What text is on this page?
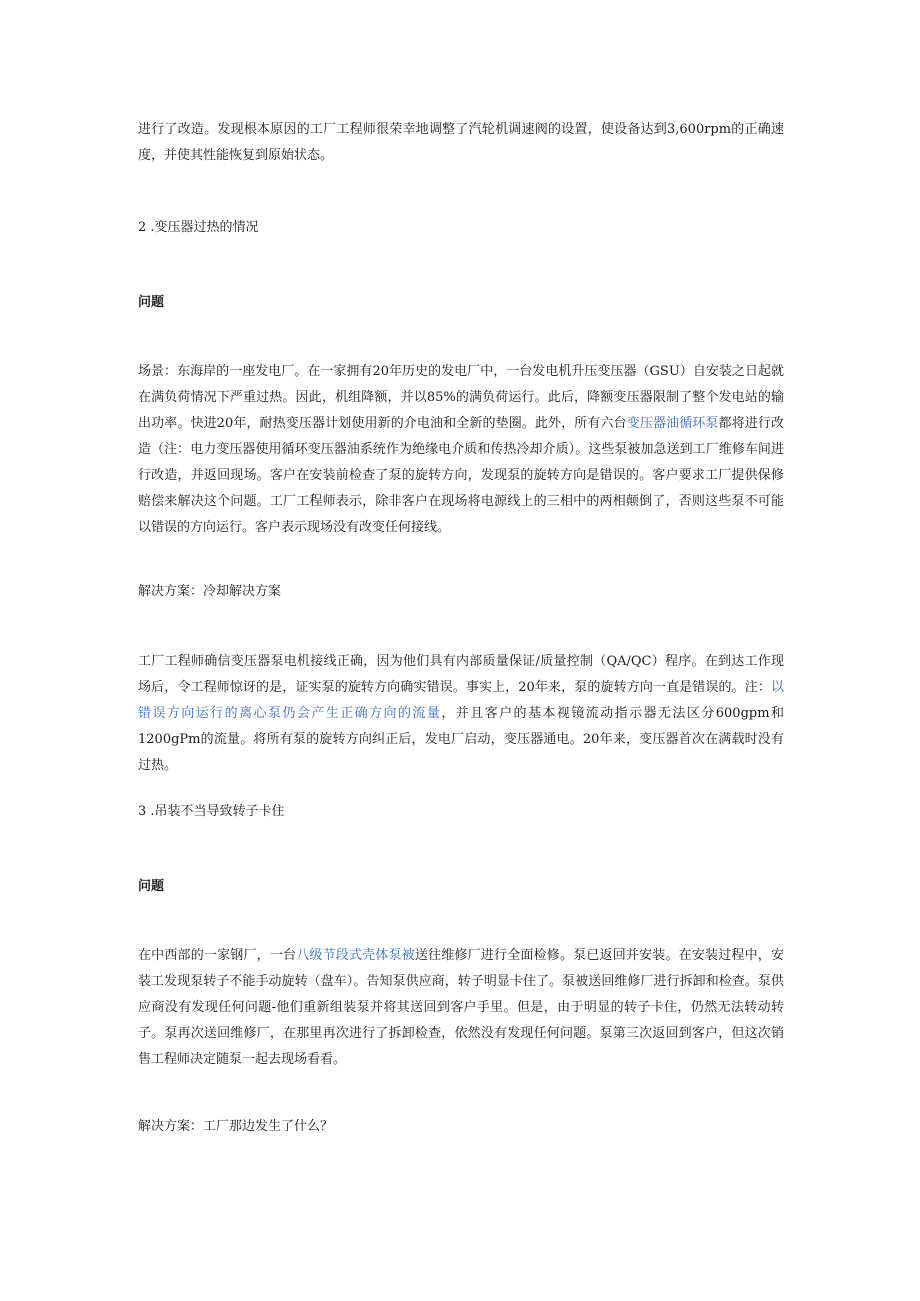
进行了改造。发现根本原因的工厂工程师很荣幸地调整了汽轮机调速阀的设置，使设备达到3,600rpm的正确速度，并使其性能恢复到原始状态。

2 .变压器过热的情况

问题

场景：东海岸的一座发电厂。在一家拥有20年历史的发电厂中，一台发电机升压变压器（GSU）自安装之日起就在满负荷情况下严重过热。因此，机组降额，并以85%的满负荷运行。此后，降额变压器限制了整个发电站的输出功率。快进20年，耐热变压器计划使用新的介电油和全新的垫圈。此外，所有六台变压器油循环泵都将进行改造（注：电力变压器使用循环变压器油系统作为绝缘电介质和传热冷却介质）。这些泵被加急送到工厂维修车间进行改造，并返回现场。客户在安装前检查了泵的旋转方向，发现泵的旋转方向是错误的。客户要求工厂提供保修赔偿来解决这个问题。工厂工程师表示，除非客户在现场将电源线上的三相中的两相颠倒了，否则这些泵不可能以错误的方向运行。客户表示现场没有改变任何接线。

解决方案：冷却解决方案

工厂工程师确信变压器泵电机接线正确，因为他们具有内部质量保证/质量控制（QA/QC）程序。在到达工作现场后，令工程师惊讶的是，证实泵的旋转方向确实错误。事实上，20年来，泵的旋转方向一直是错误的。注：以错误方向运行的离心泵仍会产生正确方向的流量，并且客户的基本视镜流动指示器无法区分600gpm和1200gPm的流量。将所有泵的旋转方向纠正后，发电厂启动，变压器通电。20年来，变压器首次在满载时没有过热。

3 .吊装不当导致转子卡住

问题

在中西部的一家钢厂，一台八级节段式壳体泵被送往维修厂进行全面检修。泵已返回并安装。在安装过程中，安装工发现泵转子不能手动旋转（盘车）。告知泵供应商，转子明显卡住了。泵被送回维修厂进行拆卸和检查。泵供应商没有发现任何问题-他们重新组装泵并将其送回到客户手里。但是，由于明显的转子卡住，仍然无法转动转子。泵再次送回维修厂，在那里再次进行了拆卸检查，依然没有发现任何问题。泵第三次返回到客户，但这次销售工程师决定随泵一起去现场看看。

解决方案：工厂那边发生了什么？
